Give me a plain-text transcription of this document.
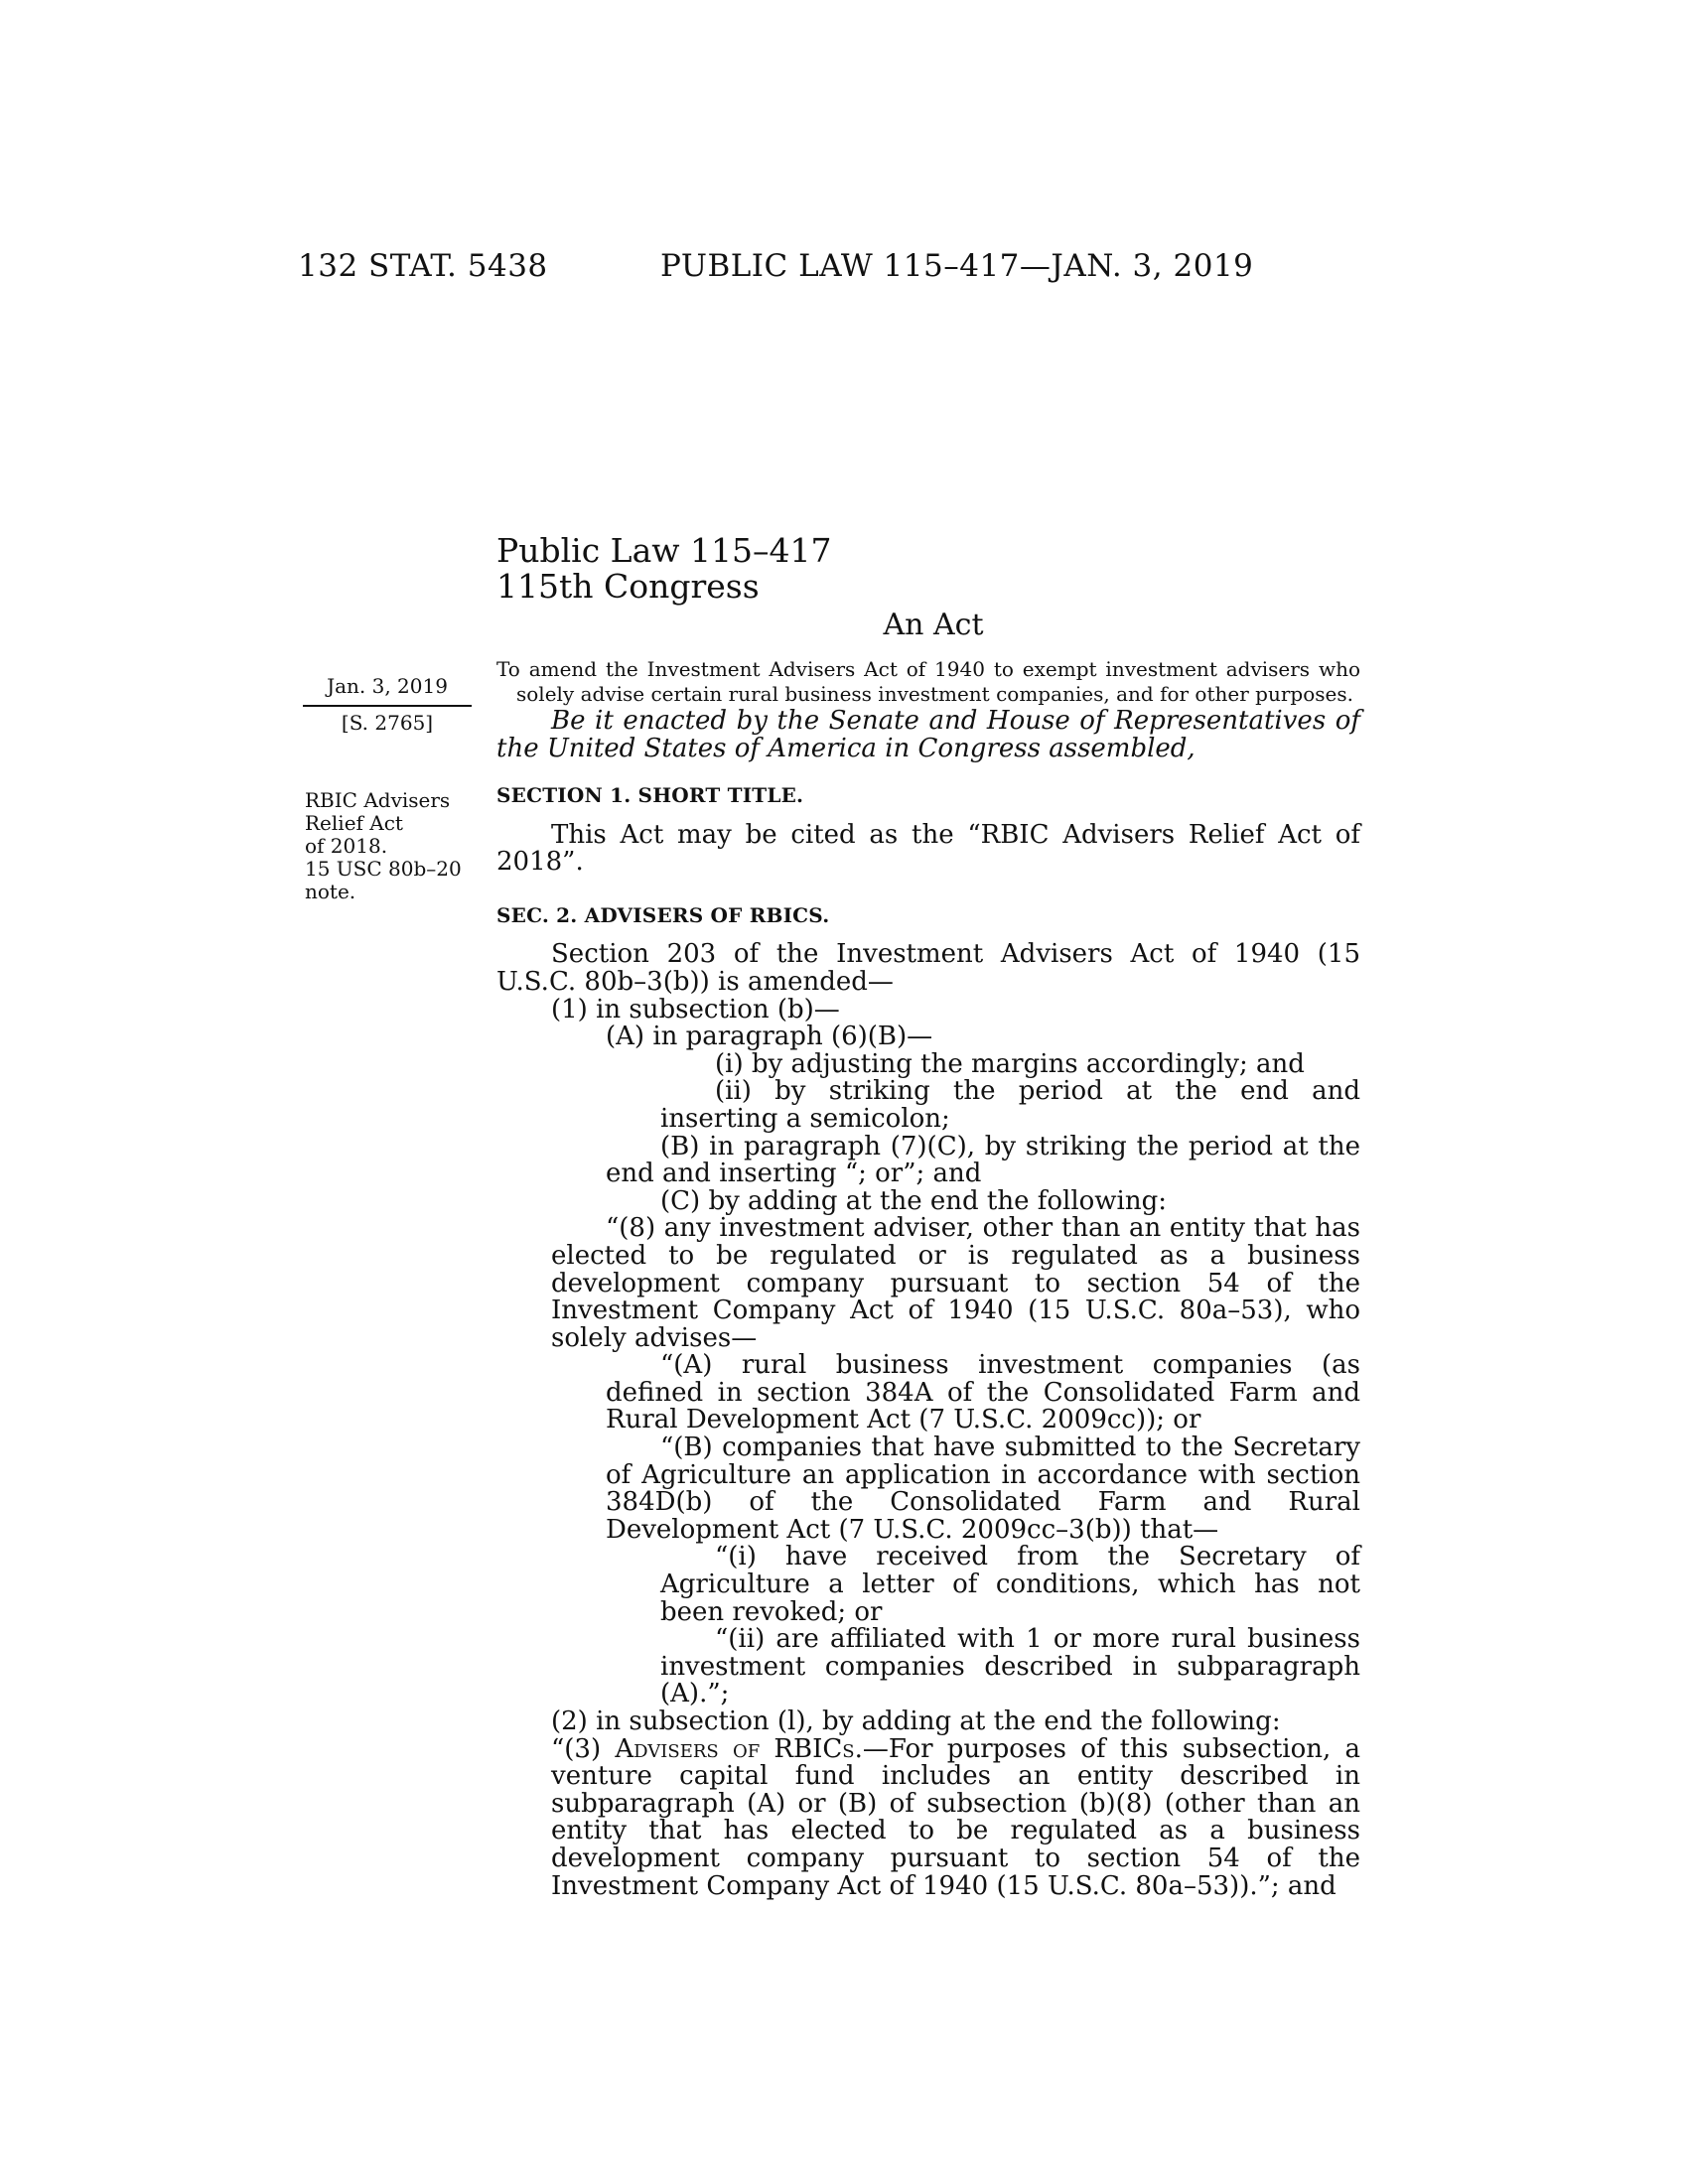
132 STAT. 5438	PUBLIC LAW 115–417—JAN. 3, 2019
Public Law 115–417
115th Congress
An Act
Jan. 3, 2019
[S. 2765]
RBIC Advisers
Relief Act
of 2018.
15 USC 80b–20
note.

To amend the Investment Advisers Act of 1940 to exempt investment advisers who solely advise certain rural business investment companies, and for other purposes.

Be it enacted by the Senate and House of Representatives of the United States of America in Congress assembled,

SECTION 1. SHORT TITLE.

This Act may be cited as the “RBIC Advisers Relief Act of 2018”.

SEC. 2. ADVISERS OF RBICS.

Section 203 of the Investment Advisers Act of 1940 (15 U.S.C. 80b–3(b)) is amended—

(1) in subsection (b)—

(A) in paragraph (6)(B)—

(i) by adjusting the margins accordingly; and

(ii) by striking the period at the end and inserting a semicolon;

(B) in paragraph (7)(C), by striking the period at the end and inserting “; or”; and

(C) by adding at the end the following:

“(8) any investment adviser, other than an entity that has elected to be regulated or is regulated as a business development company pursuant to section 54 of the Investment Company Act of 1940 (15 U.S.C. 80a–53), who solely advises—

“(A) rural business investment companies (as defined in section 384A of the Consolidated Farm and Rural Development Act (7 U.S.C. 2009cc)); or

“(B) companies that have submitted to the Secretary of Agriculture an application in accordance with section 384D(b) of the Consolidated Farm and Rural Development Act (7 U.S.C. 2009cc–3(b)) that—

“(i) have received from the Secretary of Agriculture a letter of conditions, which has not been revoked; or

“(ii) are affiliated with 1 or more rural business investment companies described in subparagraph (A).”;

(2) in subsection (l), by adding at the end the following:

“(3) Advisers of RBICs.—For purposes of this subsection, a venture capital fund includes an entity described in subparagraph (A) or (B) of subsection (b)(8) (other than an entity that has elected to be regulated as a business development company pursuant to section 54 of the Investment Company Act of 1940 (15 U.S.C. 80a–53)).”; and
